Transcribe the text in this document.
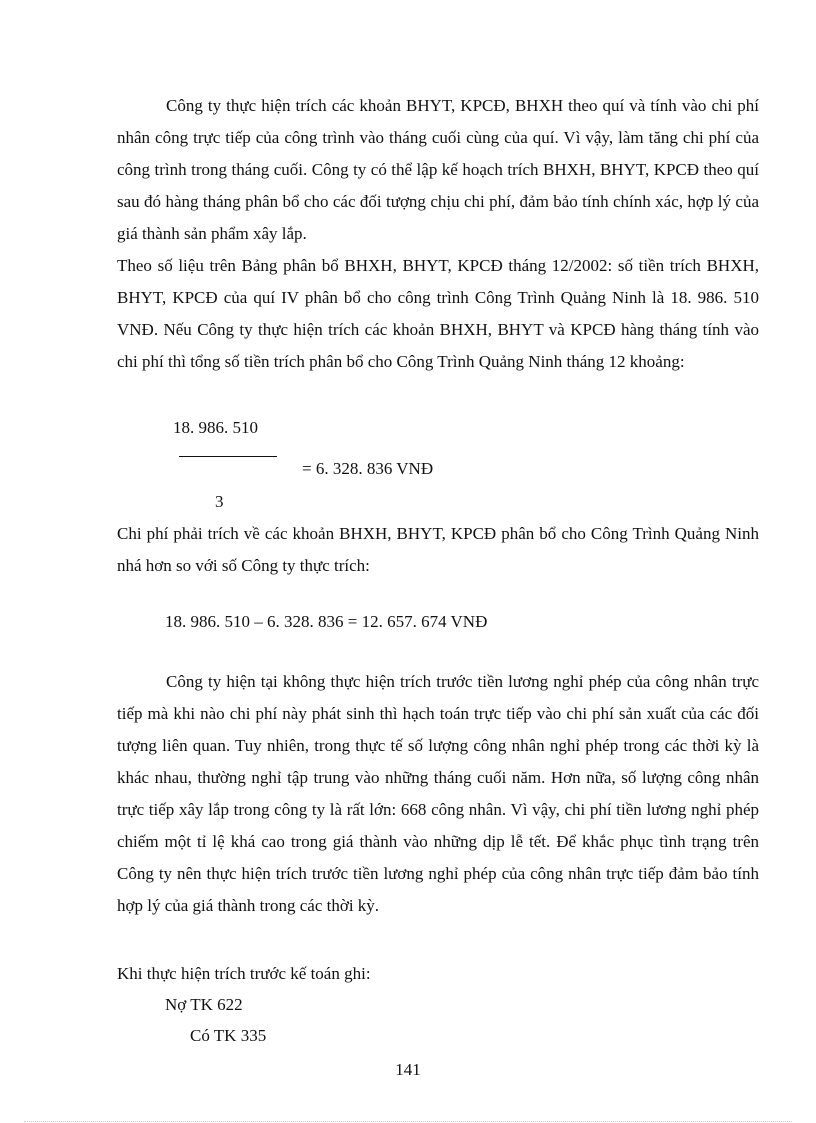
Công ty thực hiện trích các khoản BHYT, KPCĐ, BHXH theo quí và tính vào chi phí nhân công trực tiếp của công trình vào tháng cuối cùng của quí. Vì vậy, làm tăng chi phí của công trình trong tháng cuối. Công ty có thể lập kế hoạch trích BHXH, BHYT, KPCĐ theo quí sau đó hàng tháng phân bổ cho các đối tượng chịu chi phí, đảm bảo tính chính xác, hợp lý của giá thành sản phẩm xây lắp.

Theo số liệu trên Bảng phân bổ BHXH, BHYT, KPCĐ tháng 12/2002: số tiền trích BHXH, BHYT, KPCĐ của quí IV phân bổ cho công trình Công Trình Quảng Ninh là 18. 986. 510 VNĐ. Nếu Công ty thực hiện trích các khoản BHXH, BHYT và KPCĐ hàng tháng tính vào chi phí thì tổng số tiền trích phân bổ cho Công Trình Quảng Ninh tháng 12 khoảng:

18. 986. 510

= 6. 328. 836 VNĐ

3

Chi phí phải trích về các khoản BHXH, BHYT, KPCĐ phân bổ cho Công Trình Quảng Ninh nhá hơn so với số Công ty thực trích:

18. 986. 510 – 6. 328. 836 = 12. 657. 674 VNĐ

Công ty hiện tại không thực hiện trích trước tiền lương nghỉ phép của công nhân trực tiếp mà khi nào chi phí này phát sinh thì hạch toán trực tiếp vào chi phí sản xuất của các đối tượng liên quan. Tuy nhiên, trong thực tế số lượng công nhân nghỉ phép trong các thời kỳ là khác nhau, thường nghỉ tập trung vào những tháng cuối năm. Hơn nữa, số lượng công nhân trực tiếp xây lắp trong công ty là rất lớn: 668 công nhân. Vì vậy, chi phí tiền lương nghỉ phép chiếm một tỉ lệ khá cao trong giá thành vào những dịp lễ tết. Để khắc phục tình trạng trên Công ty nên thực hiện trích trước tiền lương nghỉ phép của công nhân trực tiếp đảm bảo tính hợp lý của giá thành trong các thời kỳ.

Khi thực hiện trích trước kế toán ghi:

Nợ TK 622

Có TK 335

141
